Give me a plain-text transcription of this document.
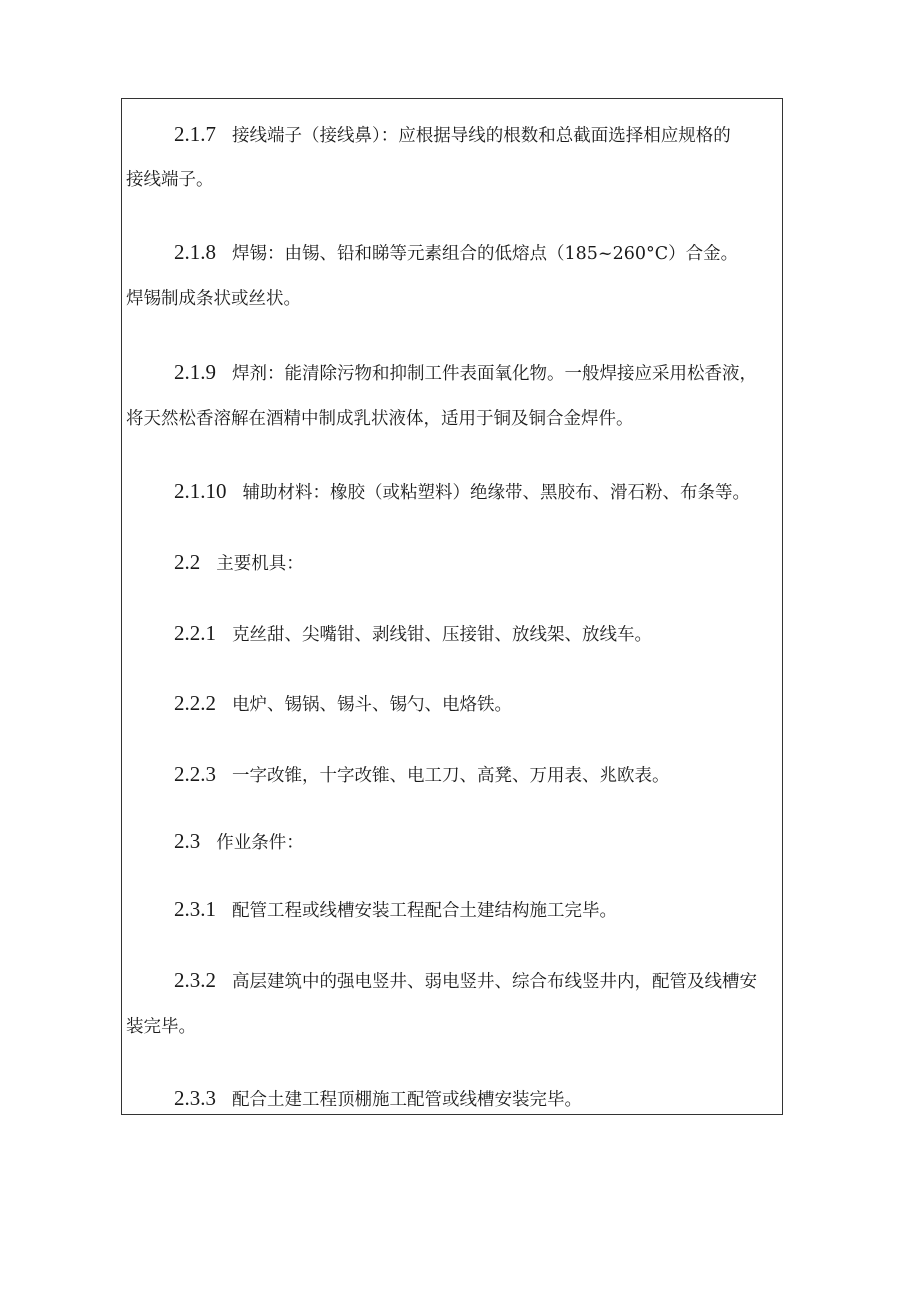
2.1.7 接线端子（接线鼻）：应根据导线的根数和总截面选择相应规格的
接线端子。
2.1.8 焊锡：由锡、铅和睇等元素组合的低熔点（185~260°C）合金。
焊锡制成条状或丝状。
2.1.9 焊剂：能清除污物和抑制工件表面氧化物。一般焊接应采用松香液，
将天然松香溶解在酒精中制成乳状液体，适用于铜及铜合金焊件。
2.1.10 辅助材料：橡胶（或粘塑料）绝缘带、黑胶布、滑石粉、布条等。
2.2 主要机具：
2.2.1 克丝甜、尖嘴钳、剥线钳、压接钳、放线架、放线车。
2.2.2 电炉、锡锅、锡斗、锡勺、电烙铁。
2.2.3 一字改锥，十字改锥、电工刀、高凳、万用表、兆欧表。
2.3 作业条件：
2.3.1 配管工程或线槽安装工程配合土建结构施工完毕。
2.3.2 高层建筑中的强电竖井、弱电竖井、综合布线竖井内，配管及线槽安
装完毕。
2.3.3 配合土建工程顶棚施工配管或线槽安装完毕。
